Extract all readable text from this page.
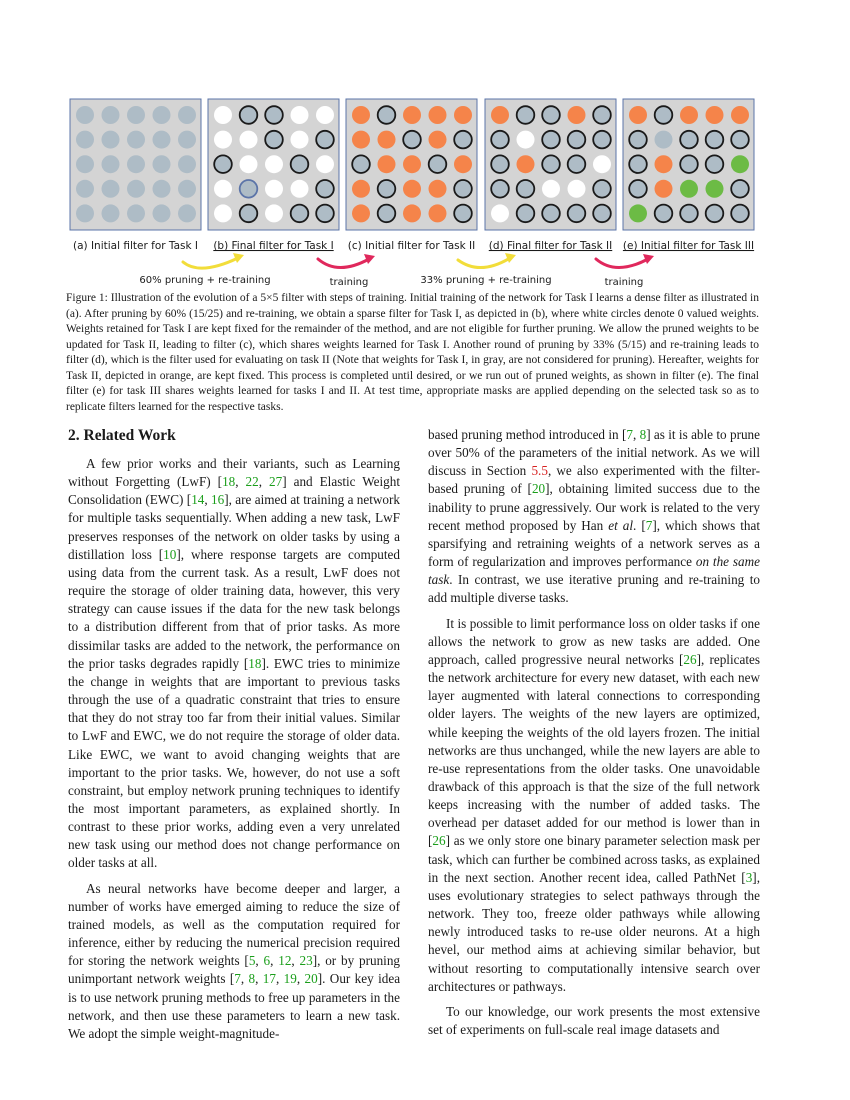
(a) Initial filter for Task I (b) Final filter for Task I (c) Initial filter for Task II (d) Final filter for Task II (e) Initial filter for Task III
60% pruning + re-training	training	33% pruning + re-training	training
Figure 1: Illustration of the evolution of a 5×5 filter with steps of training. Initial training of the network for Task I learns a dense filter as illustrated in (a). After pruning by 60% (15/25) and re-training, we obtain a sparse filter for Task I, as depicted in (b), where white circles denote 0 valued weights. Weights retained for Task I are kept fixed for the remainder of the method, and are not eligible for further pruning. We allow the pruned weights to be updated for Task II, leading to filter (c), which shares weights learned for Task I. Another round of pruning by 33% (5/15) and re-training leads to filter (d), which is the filter used for evaluating on task II (Note that weights for Task I, in gray, are not considered for pruning). Hereafter, weights for Task II, depicted in orange, are kept fixed. This process is completed until desired, or we run out of pruned weights, as shown in filter (e). The final filter (e) for task III shares weights learned for tasks I and II. At test time, appropriate masks are applied depending on the selected task so as to replicate filters learned for the respective tasks.
2. Related Work

A few prior works and their variants, such as Learning without Forgetting (LwF) [18, 22, 27] and Elastic Weight Consolidation (EWC) [14, 16], are aimed at training a network for multiple tasks sequentially. When adding a new task, LwF preserves responses of the network on older tasks by using a distillation loss [10], where response targets are computed using data from the current task. As a result, LwF does not require the storage of older training data, however, this very strategy can cause issues if the data for the new task belongs to a distribution different from that of prior tasks. As more dissimilar tasks are added to the network, the performance on the prior tasks degrades rapidly [18]. EWC tries to minimize the change in weights that are important to previous tasks through the use of a quadratic constraint that tries to ensure that they do not stray too far from their initial values. Similar to LwF and EWC, we do not require the storage of older data. Like EWC, we want to avoid changing weights that are important to the prior tasks. We, however, do not use a soft constraint, but employ network pruning techniques to identify the most important parameters, as explained shortly. In contrast to these prior works, adding even a very unrelated new task using our method does not change performance on older tasks at all.

As neural networks have become deeper and larger, a number of works have emerged aiming to reduce the size of trained models, as well as the computation required for inference, either by reducing the numerical precision required for storing the network weights [5, 6, 12, 23], or by pruning unimportant network weights [7, 8, 17, 19, 20]. Our key idea is to use network pruning methods to free up parameters in the network, and then use these parameters to learn a new task. We adopt the simple weight-magnitude-

based pruning method introduced in [7, 8] as it is able to prune over 50% of the parameters of the initial network. As we will discuss in Section 5.5, we also experimented with the filter-based pruning of [20], obtaining limited success due to the inability to prune aggressively. Our work is related to the very recent method proposed by Han et al. [7], which shows that sparsifying and retraining weights of a network serves as a form of regularization and improves performance on the same task. In contrast, we use iterative pruning and re-training to add multiple diverse tasks.

It is possible to limit performance loss on older tasks if one allows the network to grow as new tasks are added. One approach, called progressive neural networks [26], replicates the network architecture for every new dataset, with each new layer augmented with lateral connections to corresponding older layers. The weights of the new layers are optimized, while keeping the weights of the old layers frozen. The initial networks are thus unchanged, while the new layers are able to re-use representations from the older tasks. One unavoidable drawback of this approach is that the size of the full network keeps increasing with the number of added tasks. The overhead per dataset added for our method is lower than in [26] as we only store one binary parameter selection mask per task, which can further be combined across tasks, as explained in the next section. Another recent idea, called PathNet [3], uses evolutionary strategies to select pathways through the network. They too, freeze older pathways while allowing newly introduced tasks to re-use older neurons. At a high hevel, our method aims at achieving similar behavior, but without resorting to computationally intensive search over architectures or pathways.

To our knowledge, our work presents the most extensive set of experiments on full-scale real image datasets and
